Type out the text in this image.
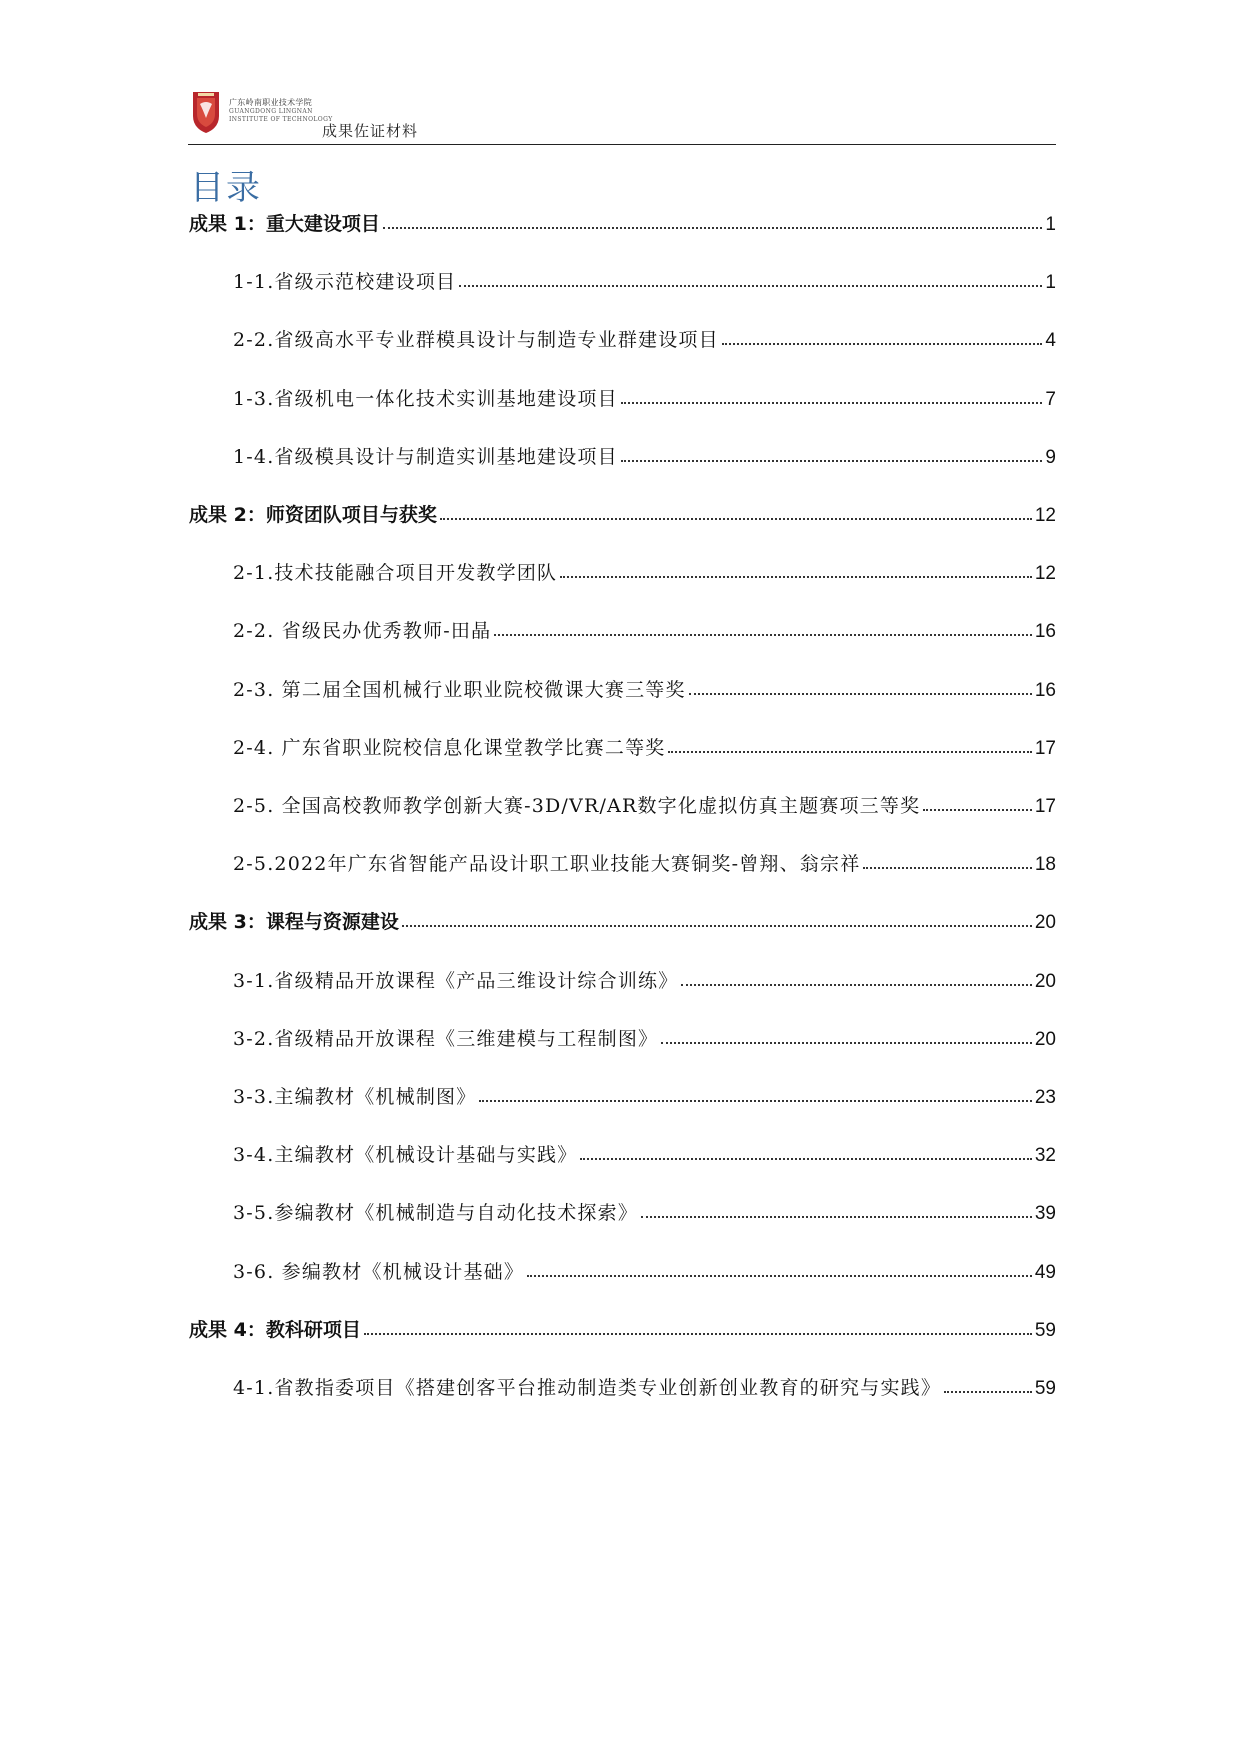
广东岭南职业技术学院
GUANGDONG LINGNAN
INSTITUTE OF TECHNOLOGY
成果佐证材料
目录
成果 1：重大建设项目	1
1-1.省级示范校建设项目	1
2-2.省级高水平专业群模具设计与制造专业群建设项目	4
1-3.省级机电一体化技术实训基地建设项目	7
1-4.省级模具设计与制造实训基地建设项目	9
成果 2：师资团队项目与获奖	12
2-1.技术技能融合项目开发教学团队	12
2-2. 省级民办优秀教师-田晶	16
2-3. 第二届全国机械行业职业院校微课大赛三等奖	16
2-4. 广东省职业院校信息化课堂教学比赛二等奖	17
2-5. 全国高校教师教学创新大赛-3D/VR/AR数字化虚拟仿真主题赛项三等奖	17
2-5.2022年广东省智能产品设计职工职业技能大赛铜奖-曾翔、翁宗祥	18
成果 3：课程与资源建设	20
3-1.省级精品开放课程《产品三维设计综合训练》	20
3-2.省级精品开放课程《三维建模与工程制图》	20
3-3.主编教材《机械制图》	23
3-4.主编教材《机械设计基础与实践》	32
3-5.参编教材《机械制造与自动化技术探索》	39
3-6. 参编教材《机械设计基础》	49
成果 4：教科研项目	59
4-1.省教指委项目《搭建创客平台推动制造类专业创新创业教育的研究与实践》	59
